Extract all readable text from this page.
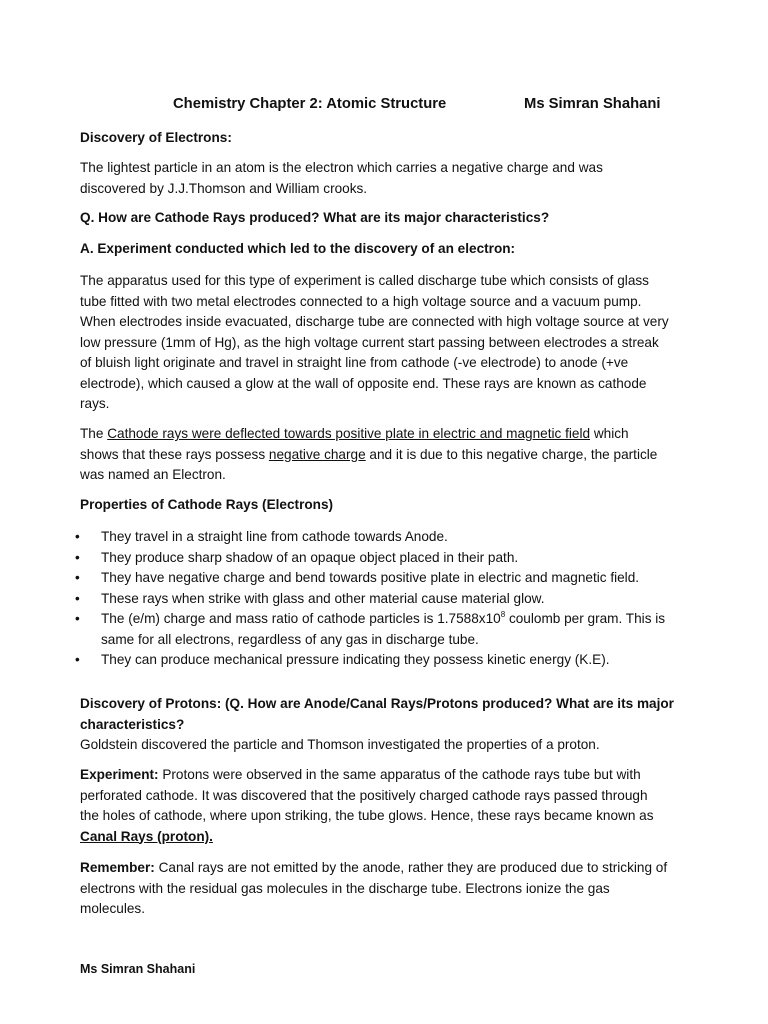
Chemistry Chapter 2: Atomic Structure	Ms Simran Shahani
Discovery of Electrons:
The lightest particle in an atom is the electron which carries a negative charge and was
discovered by J.J.Thomson and William crooks.
Q. How are Cathode Rays produced? What are its major characteristics?
A. Experiment conducted which led to the discovery of an electron:
The apparatus used for this type of experiment is called discharge tube which consists of glass
tube fitted with two metal electrodes connected to a high voltage source and a vacuum pump.
When electrodes inside evacuated, discharge tube are connected with high voltage source at very
low pressure (1mm of Hg), as the high voltage current start passing between electrodes a streak
of bluish light originate and travel in straight line from cathode (-ve electrode) to anode (+ve
electrode), which caused a glow at the wall of opposite end. These rays are known as cathode
rays.
The Cathode rays were deflected towards positive plate in electric and magnetic field which
shows that these rays possess negative charge and it is due to this negative charge, the particle
was named an Electron.
Properties of Cathode Rays (Electrons)
• They travel in a straight line from cathode towards Anode.
• They produce sharp shadow of an opaque object placed in their path.
• They have negative charge and bend towards positive plate in electric and magnetic field.
• These rays when strike with glass and other material cause material glow.
• The (e/m) charge and mass ratio of cathode particles is $1.7588x10^8$ coulomb per gram. This is
same for all electrons, regardless of any gas in discharge tube.
• They can produce mechanical pressure indicating they possess kinetic energy (K.E).
Discovery of Protons: (Q. How are Anode/Canal Rays/Protons produced? What are its major
characteristics?
Goldstein discovered the particle and Thomson investigated the properties of a proton.
Experiment: Protons were observed in the same apparatus of the cathode rays tube but with
perforated cathode. It was discovered that the positively charged cathode rays passed through
the holes of cathode, where upon striking, the tube glows. Hence, these rays became known as
Canal Rays (proton).
Remember: Canal rays are not emitted by the anode, rather they are produced due to stricking of
electrons with the residual gas molecules in the discharge tube. Electrons ionize the gas
molecules.
Ms Simran Shahani
